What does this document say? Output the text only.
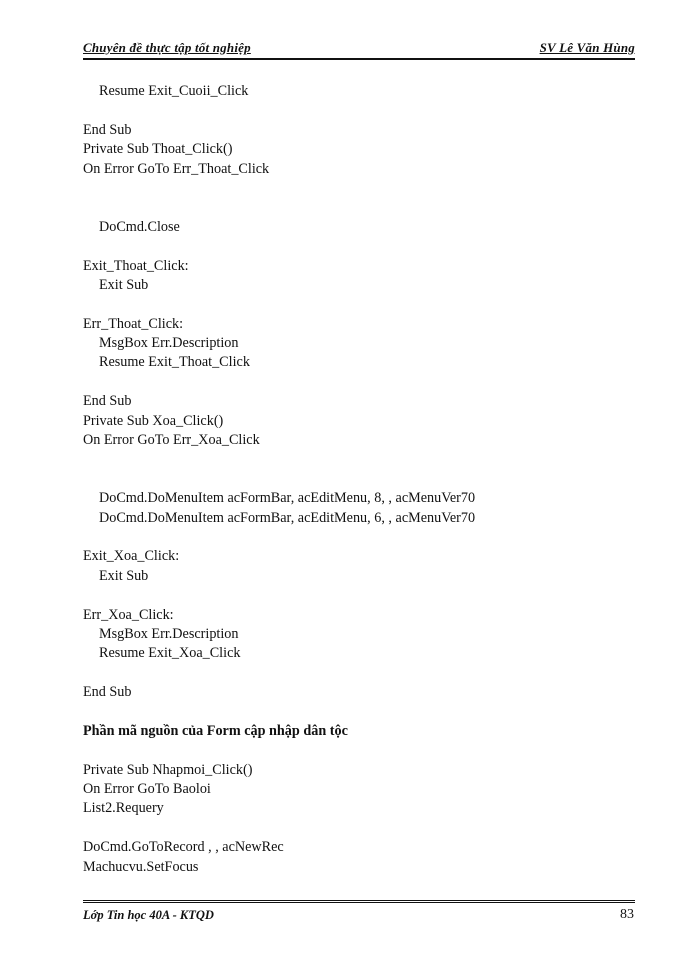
Chuyên đề thực tập tốt nghiệp	SV Lê Văn Hùng
Resume Exit_Cuoii_Click
End Sub
Private Sub Thoat_Click()
On Error GoTo Err_Thoat_Click
DoCmd.Close
Exit_Thoat_Click:
Exit Sub
Err_Thoat_Click:
MsgBox Err.Description
Resume Exit_Thoat_Click
End Sub
Private Sub Xoa_Click()
On Error GoTo Err_Xoa_Click
DoCmd.DoMenuItem acFormBar, acEditMenu, 8, , acMenuVer70
DoCmd.DoMenuItem acFormBar, acEditMenu, 6, , acMenuVer70
Exit_Xoa_Click:
Exit Sub
Err_Xoa_Click:
MsgBox Err.Description
Resume Exit_Xoa_Click
End Sub
Phần mã nguồn của Form cập nhập dân tộc
Private Sub Nhapmoi_Click()
On Error GoTo Baoloi
List2.Requery
DoCmd.GoToRecord , , acNewRec
Machucvu.SetFocus
Lớp Tin học 40A - KTQD	83
